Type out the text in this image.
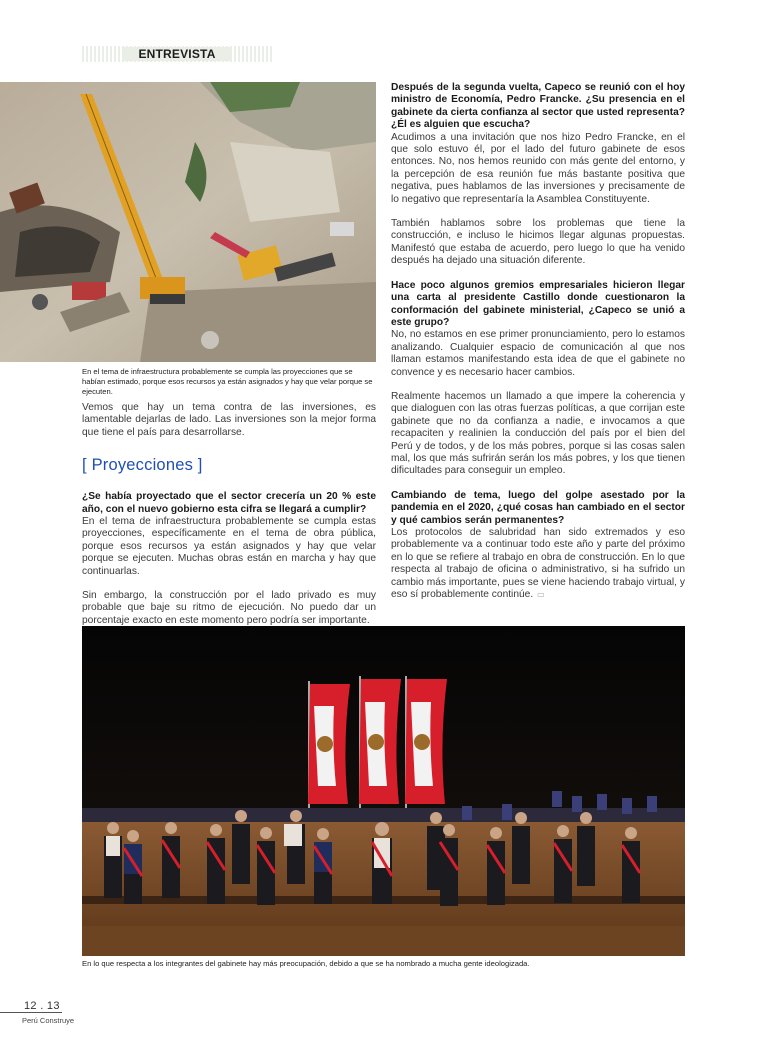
ENTREVISTA
En el tema de infraestructura probablemente se cumpla las proyecciones que se habían estimado, porque esos recursos ya están asignados y hay que velar porque se ejecuten.

Vemos que hay un tema contra de las inversiones, es lamentable dejarlas de lado. Las inversiones son la mejor forma que tiene el país para desarrollarse.

[ Proyecciones ]

¿Se había proyectado que el sector crecería un 20 % este año, con el nuevo gobierno esta cifra se llegará a cumplir?

En el tema de infraestructura probablemente se cumpla estas proyecciones, específicamente en el tema de obra pública, porque esos recursos ya están asignados y hay que velar porque se ejecuten. Muchas obras están en marcha y hay que continuarlas.

Sin embargo, la construcción por el lado privado es muy probable que baje su ritmo de ejecución. No puedo dar un porcentaje exacto en este momento pero podría ser importante.

Después de la segunda vuelta, Capeco se reunió con el hoy ministro de Economía, Pedro Francke. ¿Su presencia en el gabinete da cierta confianza al sector que usted representa? ¿Él es alguien que escucha?

Acudimos a una invitación que nos hizo Pedro Francke, en el que solo estuvo él, por el lado del futuro gabinete de esos entonces. No, nos hemos reunido con más gente del entorno, y la percepción de esa reunión fue más bastante positiva que negativa, pues hablamos de las inversiones y precisamente de lo negativo que representaría la Asamblea Constituyente.

También hablamos sobre los problemas que tiene la construcción, e incluso le hicimos llegar algunas propuestas. Manifestó que estaba de acuerdo, pero luego lo que ha venido después ha dejado una situación diferente.

Hace poco algunos gremios empresariales hicieron llegar una carta al presidente Castillo donde cuestionaron la conformación del gabinete ministerial, ¿Capeco se unió a este grupo?

No, no estamos en ese primer pronunciamiento, pero lo estamos analizando. Cualquier espacio de comunicación al que nos llaman estamos manifestando esta idea de que el gabinete no convence y es necesario hacer cambios.

Realmente hacemos un llamado a que impere la coherencia y que dialoguen con las otras fuerzas políticas, a que corrijan este gabinete que no da confianza a nadie, e invocamos a que recapaciten y realinien la conducción del país por el bien del Perú y de todos, y de los más pobres, porque si las cosas salen mal, los que más sufrirán serán los más pobres, y los que tienen dificultades para conseguir un empleo.

Cambiando de tema, luego del golpe asestado por la pandemia en el 2020, ¿qué cosas han cambiado en el sector y qué cambios serán permanentes?

Los protocolos de salubridad han sido extremados y eso probablemente va a continuar todo este año y parte del próximo en lo que se refiere al trabajo en obra de construcción. En lo que respecta al trabajo de oficina o administrativo, si ha sufrido un cambio más importante, pues se viene haciendo trabajo virtual, y eso sí probablemente continúe. ▭

En lo que respecta a los integrantes del gabinete hay más preocupación, debido a que se ha nombrado a mucha gente ideologizada.
12 . 13
Perú Construye
